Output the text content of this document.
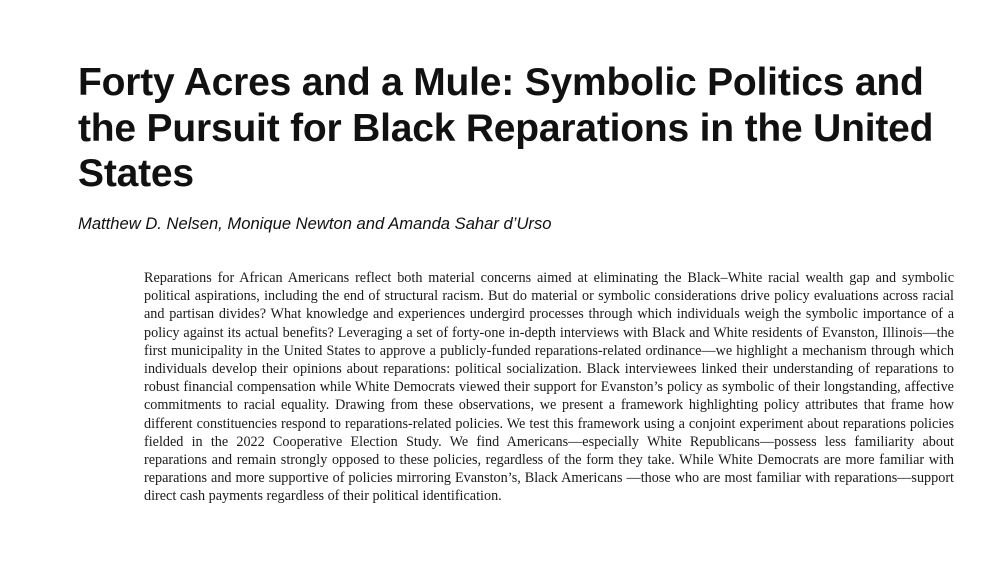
Forty Acres and a Mule: Symbolic Politics and the Pursuit for Black Reparations in the United States

Matthew D. Nelsen, Monique Newton and Amanda Sahar d’Urso

Reparations for African Americans reflect both material concerns aimed at eliminating the Black–White racial wealth gap and symbolic political aspirations, including the end of structural racism. But do material or symbolic considerations drive policy evaluations across racial and partisan divides? What knowledge and experiences undergird processes through which individuals weigh the symbolic importance of a policy against its actual benefits? Leveraging a set of forty-one in-depth interviews with Black and White residents of Evanston, Illinois—the first municipality in the United States to approve a publicly-funded reparations-related ordinance—we highlight a mechanism through which individuals develop their opinions about reparations: political socialization. Black interviewees linked their understanding of reparations to robust financial compensation while White Democrats viewed their support for Evanston’s policy as symbolic of their longstanding, affective commitments to racial equality. Drawing from these observations, we present a framework highlighting policy attributes that frame how different constituencies respond to reparations-related policies. We test this framework using a conjoint experiment about reparations policies fielded in the 2022 Cooperative Election Study. We find Americans—especially White Republicans—possess less familiarity about reparations and remain strongly opposed to these policies, regardless of the form they take. While White Democrats are more familiar with reparations and more supportive of policies mirroring Evanston’s, Black Americans —those who are most familiar with reparations—support direct cash payments regardless of their political identification.
